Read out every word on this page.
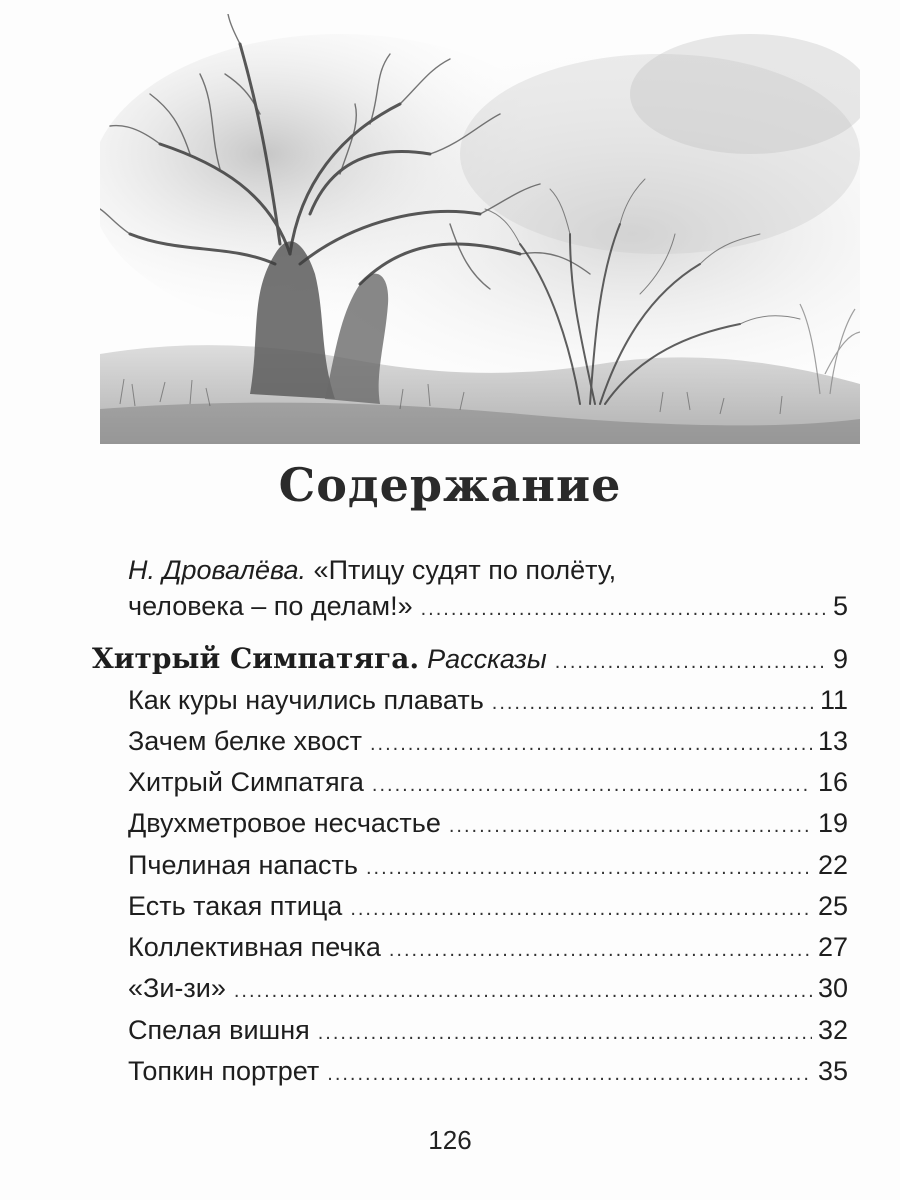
Содержание
Н. Дровалёва. «Птицу судят по полёту,
человека – по делам!» .....	5
Хитрый Симпатяга. Рассказы .....	9
Как куры научились плавать .....	11
Зачем белке хвост .....	13
Хитрый Симпатяга .....	16
Двухметровое несчастье .....	19
Пчелиная напасть .....	22
Есть такая птица .....	25
Коллективная печка .....	27
«Зи-зи» .....	30
Спелая вишня .....	32
Топкин портрет .....	35
126
